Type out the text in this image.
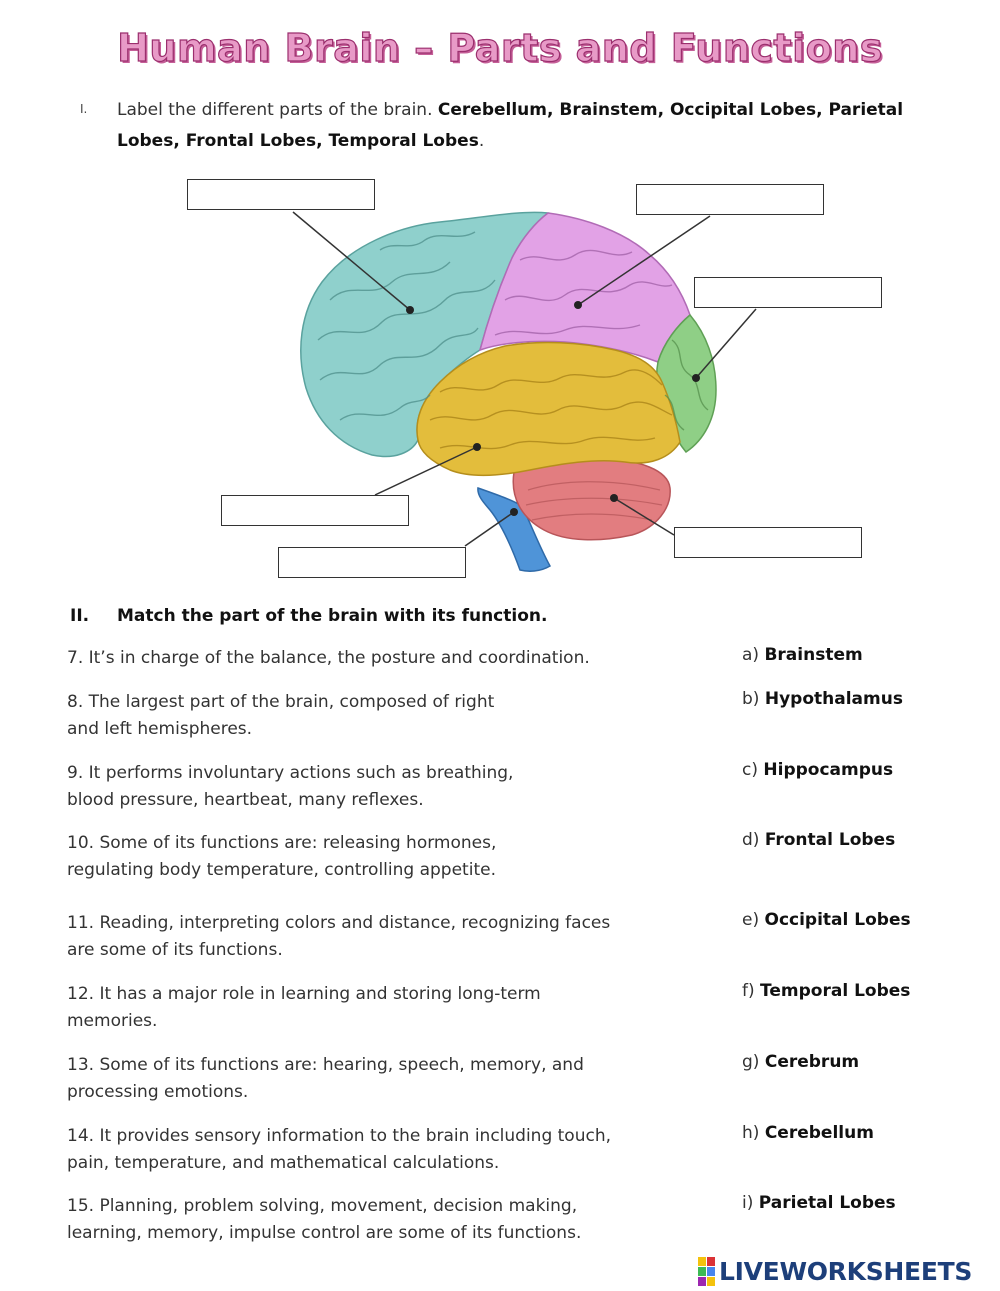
Human Brain – Parts and Functions
I. Label the different parts of the brain. Cerebellum, Brainstem, Occipital Lobes, Parietal Lobes, Frontal Lobes, Temporal Lobes.
II. Match the part of the brain with its function.
7. It’s in charge of the balance, the posture and coordination.
8. The largest part of the brain, composed of right
and left hemispheres.
9. It performs involuntary actions such as breathing,
blood pressure, heartbeat, many reflexes.
10. Some of its functions are: releasing hormones,
regulating body temperature, controlling appetite.
11. Reading, interpreting colors and distance, recognizing faces
are some of its functions.
12. It has a major role in learning and storing long-term
memories.
13. Some of its functions are: hearing, speech, memory, and
processing emotions.
14. It provides sensory information to the brain including touch,
pain, temperature, and mathematical calculations.
15. Planning, problem solving, movement, decision making,
learning, memory, impulse control are some of its functions.
a) Brainstem
b) Hypothalamus
c) Hippocampus
d) Frontal Lobes
e) Occipital Lobes
f) Temporal Lobes
g) Cerebrum
h) Cerebellum
i) Parietal Lobes
LIVEWORKSHEETS
